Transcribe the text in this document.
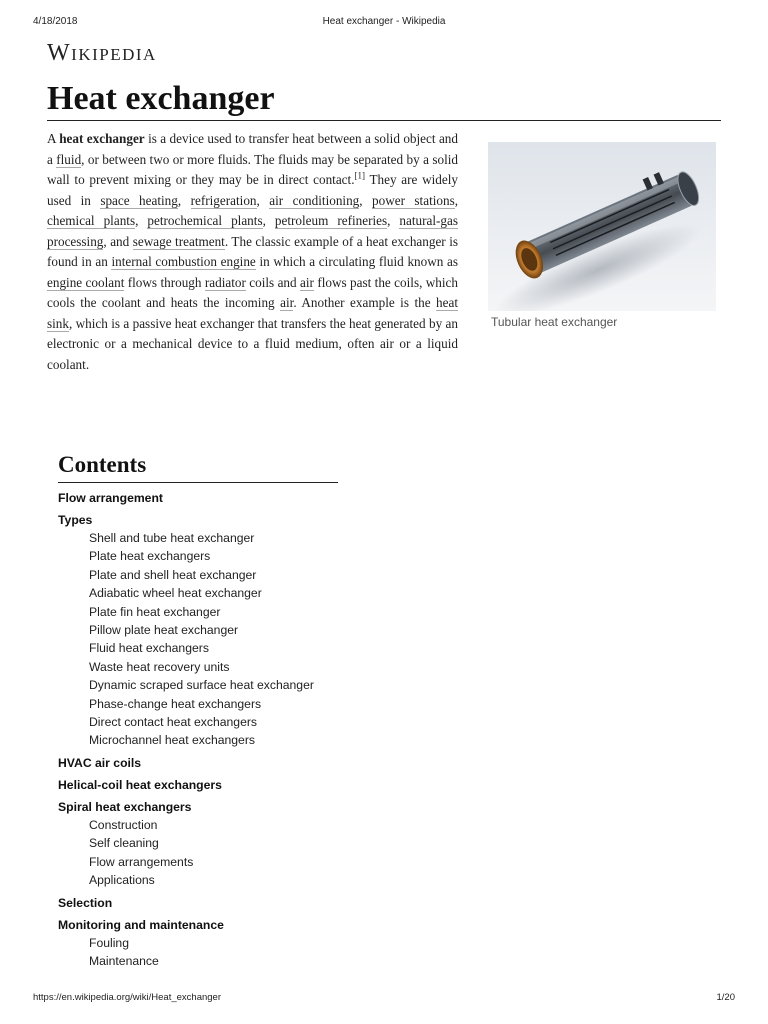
4/18/2018	Heat exchanger - Wikipedia
Wikipedia
Heat exchanger

A heat exchanger is a device used to transfer heat between a solid object and a fluid, or between two or more fluids. The fluids may be separated by a solid wall to prevent mixing or they may be in direct contact.[1] They are widely used in space heating, refrigeration, air conditioning, power stations, chemical plants, petrochemical plants, petroleum refineries, natural-gas processing, and sewage treatment. The classic example of a heat exchanger is found in an internal combustion engine in which a circulating fluid known as engine coolant flows through radiator coils and air flows past the coils, which cools the coolant and heats the incoming air. Another example is the heat sink, which is a passive heat exchanger that transfers the heat generated by an electronic or a mechanical device to a fluid medium, often air or a liquid coolant.

Tubular heat exchanger
Contents
Flow arrangement
Types
Shell and tube heat exchanger
Plate heat exchangers
Plate and shell heat exchanger
Adiabatic wheel heat exchanger
Plate fin heat exchanger
Pillow plate heat exchanger
Fluid heat exchangers
Waste heat recovery units
Dynamic scraped surface heat exchanger
Phase-change heat exchangers
Direct contact heat exchangers
Microchannel heat exchangers
HVAC air coils
Helical-coil heat exchangers
Spiral heat exchangers
Construction
Self cleaning
Flow arrangements
Applications
Selection
Monitoring and maintenance
Fouling
Maintenance
https://en.wikipedia.org/wiki/Heat_exchanger	1/20
